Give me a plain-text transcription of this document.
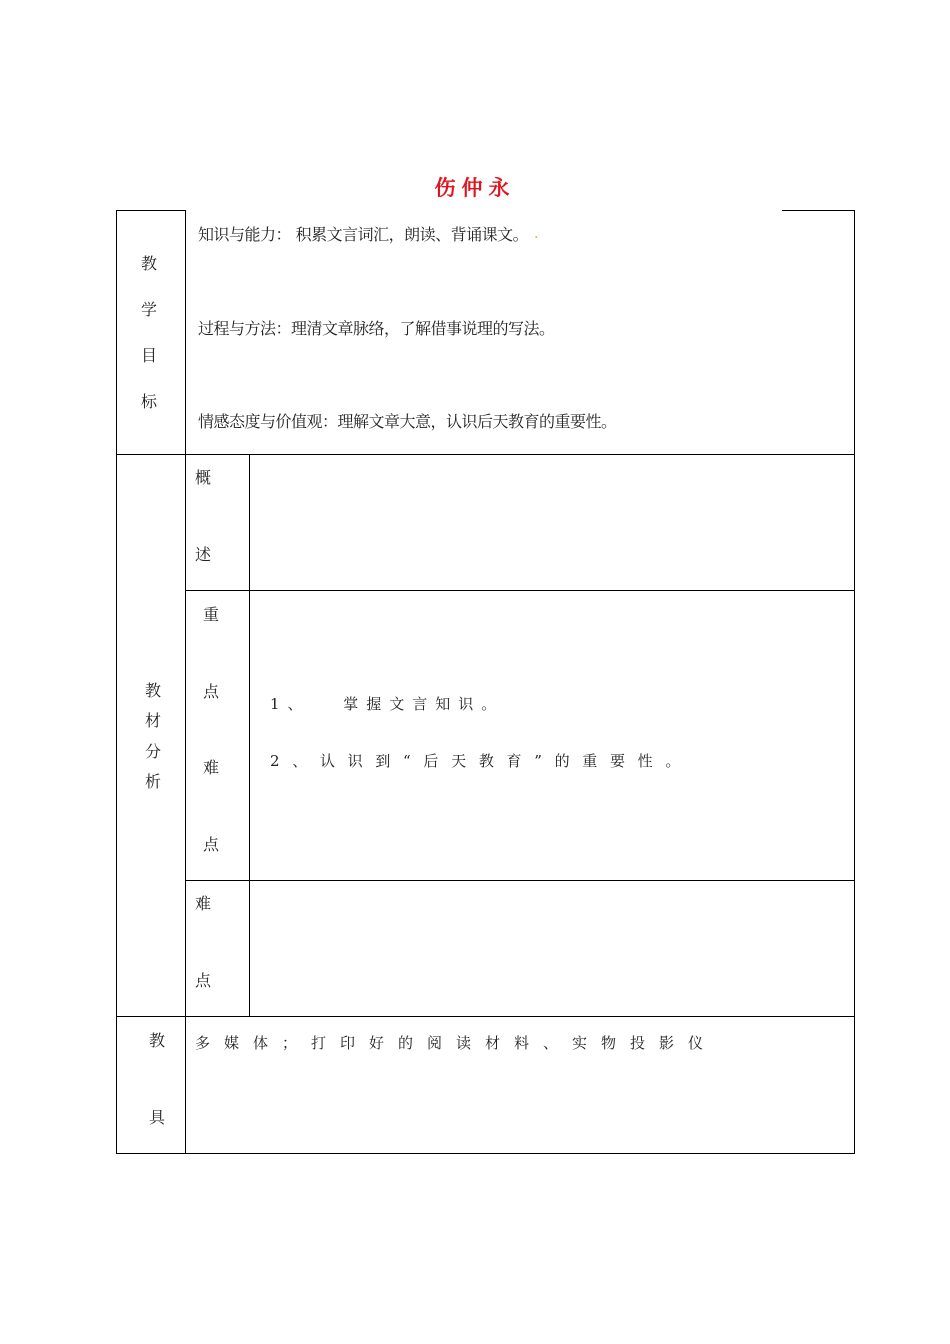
伤仲永
教
学
目
标
知识与能力： 积累文言词汇，朗读、背诵课文。 .
过程与方法：理清文章脉络，了解借事说理的写法。
情感态度与价值观：理解文章大意，认识后天教育的重要性。
教
材
分
析
概
述
重
点
难
点
1、 掌握文言知识。
2、认识到“后天教育”的重要性。
难
点
教
具
多媒体；打印好的阅读材料、实物投影仪
